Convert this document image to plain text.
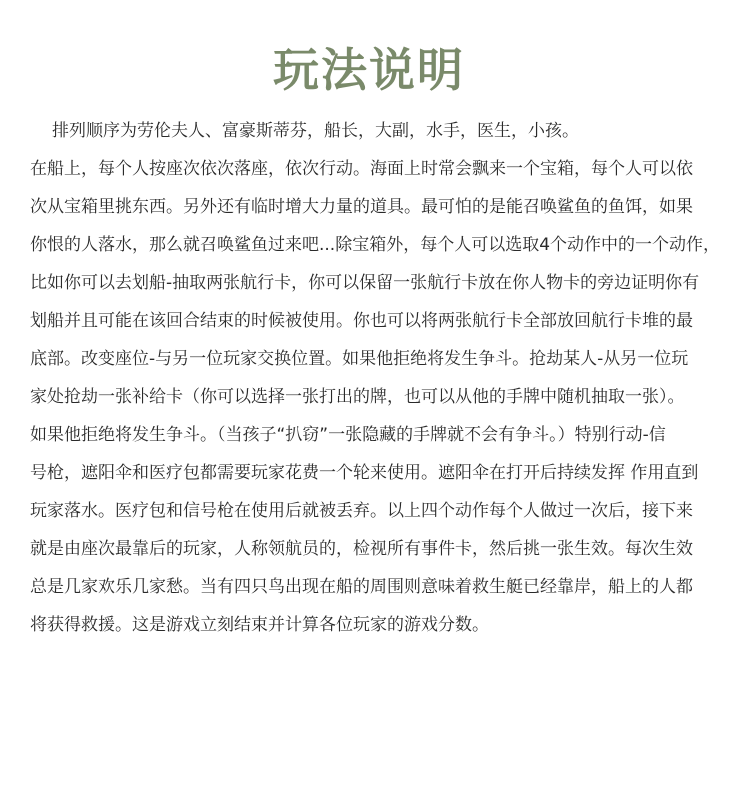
玩法说明
排列顺序为劳伦夫人、富豪斯蒂芬，船长，大副，水手，医生，小孩。
在船上，每个人按座次依次落座，依次行动。海面上时常会飘来一个宝箱，每个人可以依
次从宝箱里挑东西。另外还有临时增大力量的道具。最可怕的是能召唤鲨鱼的鱼饵，如果
你恨的人落水，那么就召唤鲨鱼过来吧...除宝箱外，每个人可以选取4个动作中的一个动作，
比如你可以去划船-抽取两张航行卡，你可以保留一张航行卡放在你人物卡的旁边证明你有
划船并且可能在该回合结束的时候被使用。你也可以将两张航行卡全部放回航行卡堆的最
底部。改变座位-与另一位玩家交换位置。如果他拒绝将发生争斗。抢劫某人-从另一位玩
家处抢劫一张补给卡（你可以选择一张打出的牌，也可以从他的手牌中随机抽取一张）。
如果他拒绝将发生争斗。（当孩子“扒窃”一张隐藏的手牌就不会有争斗。）特别行动-信
号枪，遮阳伞和医疗包都需要玩家花费一个轮来使用。遮阳伞在打开后持续发挥 作用直到
玩家落水。医疗包和信号枪在使用后就被丢弃。以上四个动作每个人做过一次后，接下来
就是由座次最靠后的玩家，人称领航员的，检视所有事件卡，然后挑一张生效。每次生效
总是几家欢乐几家愁。当有四只鸟出现在船的周围则意味着救生艇已经靠岸，船上的人都
将获得救援。这是游戏立刻结束并计算各位玩家的游戏分数。
